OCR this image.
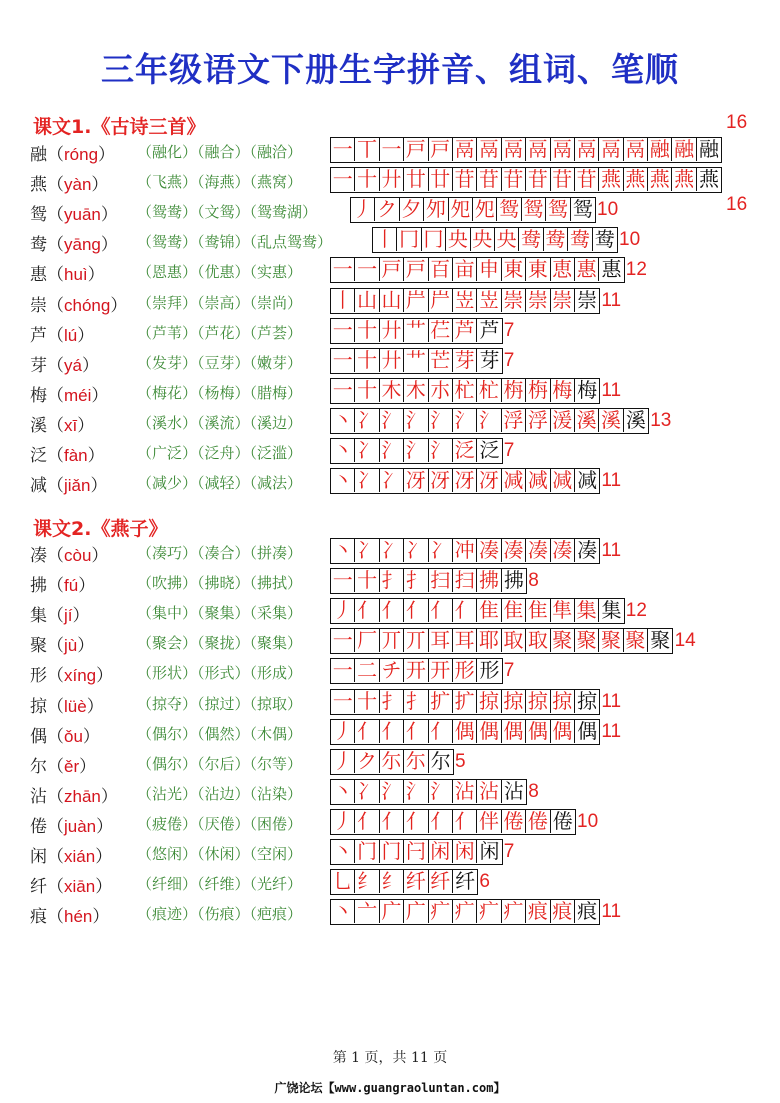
三年级语文下册生字拼音、组词、笔顺
课文1.《古诗三首》
融（róng） （融化）（融合）（融洽） 一 丅 一 戸 戸 鬲 鬲 鬲 鬲 鬲 鬲 鬲 鬲 融 融 融
16
燕（yàn） （飞燕）（海燕）（燕窝） 一 十 廾 廿 廿 苷 苷 苷 苷 苷 苷 燕 燕 燕 燕 燕
16
鸳（yuān） （鸳鸯）（文鸳）（鸳鸯湖） 丿 ク 夕 夘 夗 夗 鸳 鸳 鸳 鸳 10
鸯（yāng） （鸳鸯）（鸯锦）（乱点鸳鸯） 丨 冂 冂 央 央 央 鸯 鸯 鸯 鸯 10
惠（huì） （恩惠）（优惠）（实惠） 一 一 戸 戸 百 亩 申 東 東 恵 惠 惠 12
崇（chóng） （崇拜）（崇高）（崇尚） 丨 山 山 屵 屵 岦 岦 崇 崇 崇 崇 11
芦（lú）	（芦苇）（芦花）（芦荟） 一 十 廾 艹 芢 芦 芦 7
芽（yá）	（发芽）（豆芽）（嫩芽） 一 十 廾 艹 芒 芽 芽 7
梅（méi） （梅花）（杨梅）（腊梅） 一 十 木 木 朩 杧 杧 栴 栴 梅 梅 11
溪（xī）	（溪水）（溪流）（溪边） 丶 冫 氵 氵 氵 氵 氵 浮 浮 湲 溪 溪 溪 13
泛（fàn） （广泛）（泛舟）（泛滥） 丶 冫 氵 氵 氵 泛 泛 7
减（jiǎn） （减少）（减轻）（减法） 丶 冫 冫 冴 冴 冴 冴 减 减 减 减 11
课文2.《燕子》
凑（còu） （凑巧）（凑合）（拼凑） 丶 冫 冫 冫 冫 冲 凑 凑 凑 凑 凑 11
拂（fú）	（吹拂）（拂晓）（拂拭） 一 十 扌 扌 扫 扫 拂 拂 8
集（jí）	（集中）（聚集）（采集） 丿 亻 亻 亻 亻 亻 隹 隹 隹 隼 集 集 12
聚（jù）	（聚会）（聚拢）（聚集） 一 厂 丌 丌 耳 耳 耶 取 取 聚 聚 聚 聚 聚 14
形（xíng） （形状）（形式）（形成） 一 二 チ 开 开 形 形 7
掠（lüè） （掠夺）（掠过）（掠取） 一 十 扌 扌 扩 扩 掠 掠 掠 掠 掠 11
偶（ǒu） （偶尔）（偶然）（木偶） 丿 亻 亻 亻 亻 偶 偶 偶 偶 偶 偶 11
尔（ěr）	（偶尔）（尔后）（尔等） 丿 ク 尓 尓 尔 5
沾（zhān） （沾光）（沾边）（沾染） 丶 冫 氵 氵 氵 沾 沾 沾 8
倦（juàn） （疲倦）（厌倦）（困倦） 丿 亻 亻 亻 亻 亻 伴 倦 倦 倦 10
闲（xián） （悠闲）（休闲）（空闲） 丶 门 门 闩 闲 闲 闲 7
纤（xiān） （纤细）（纤维）（光纤） 乚 纟 纟 纤 纤 纤 6
痕（hén） （痕迹）（伤痕）（疤痕） 丶 亠 广 广 疒 疒 疒 疒 痕 痕 痕 11
第 1 页，共 11 页
广饶论坛【www.guangraoluntan.com】
